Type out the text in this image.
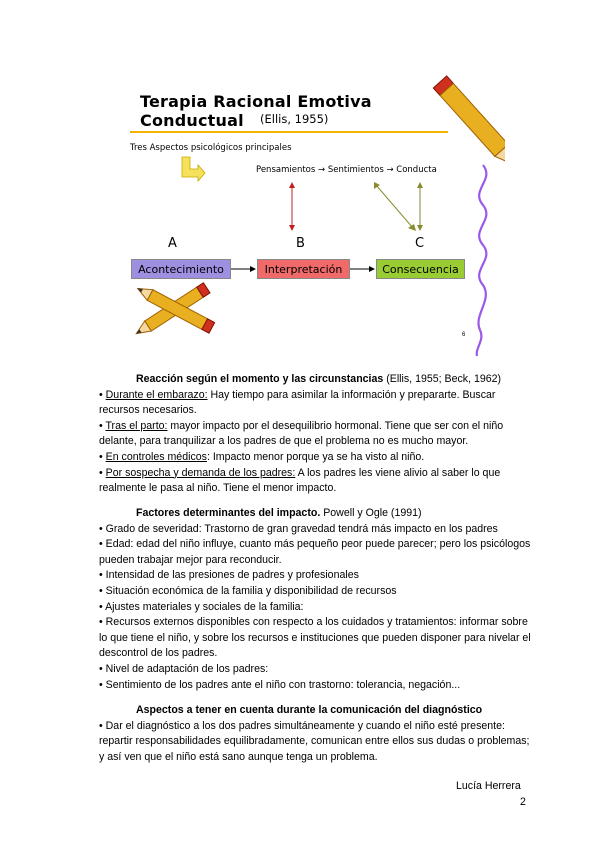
Terapia Racional Emotiva Conductual	(Ellis, 1955)
Tres Aspectos psicológicos principales
Pensamientos → Sentimientos → Conducta
A	B	C
Acontecimiento	Interpretación	Consecuencia
6
Reacción según el momento y las circunstancias (Ellis, 1955; Beck, 1962)
• Durante el embarazo: Hay tiempo para asimilar la información y prepararte. Buscar
recursos necesarios.
• Tras el parto: mayor impacto por el desequilibrio hormonal. Tiene que ser con el niño
delante, para tranquilizar a los padres de que el problema no es mucho mayor.
• En controles médicos: Impacto menor porque ya se ha visto al niño.
• Por sospecha y demanda de los padres: A los padres les viene alivio al saber lo que
realmente le pasa al niño. Tiene el menor impacto.
Factores determinantes del impacto. Powell y Ogle (1991)
• Grado de severidad: Trastorno de gran gravedad tendrá más impacto en los padres
• Edad: edad del niño influye, cuanto más pequeño peor puede parecer; pero los psicólogos
pueden trabajar mejor para reconducir.
• Intensidad de las presiones de padres y profesionales
• Situación económica de la familia y disponibilidad de recursos
• Ajustes materiales y sociales de la familia:
• Recursos externos disponibles con respecto a los cuidados y tratamientos: informar sobre
lo que tiene el niño, y sobre los recursos e instituciones que pueden disponer para nivelar el
descontrol de los padres.
• Nivel de adaptación de los padres:
• Sentimiento de los padres ante el niño con trastorno: tolerancia, negación...
Aspectos a tener en cuenta durante la comunicación del diagnóstico
• Dar el diagnóstico a los dos padres simultáneamente y cuando el niño esté presente:
repartir responsabilidades equilibradamente, comunican entre ellos sus dudas o problemas;
y así ven que el niño está sano aunque tenga un problema.
Lucía Herrera
2
